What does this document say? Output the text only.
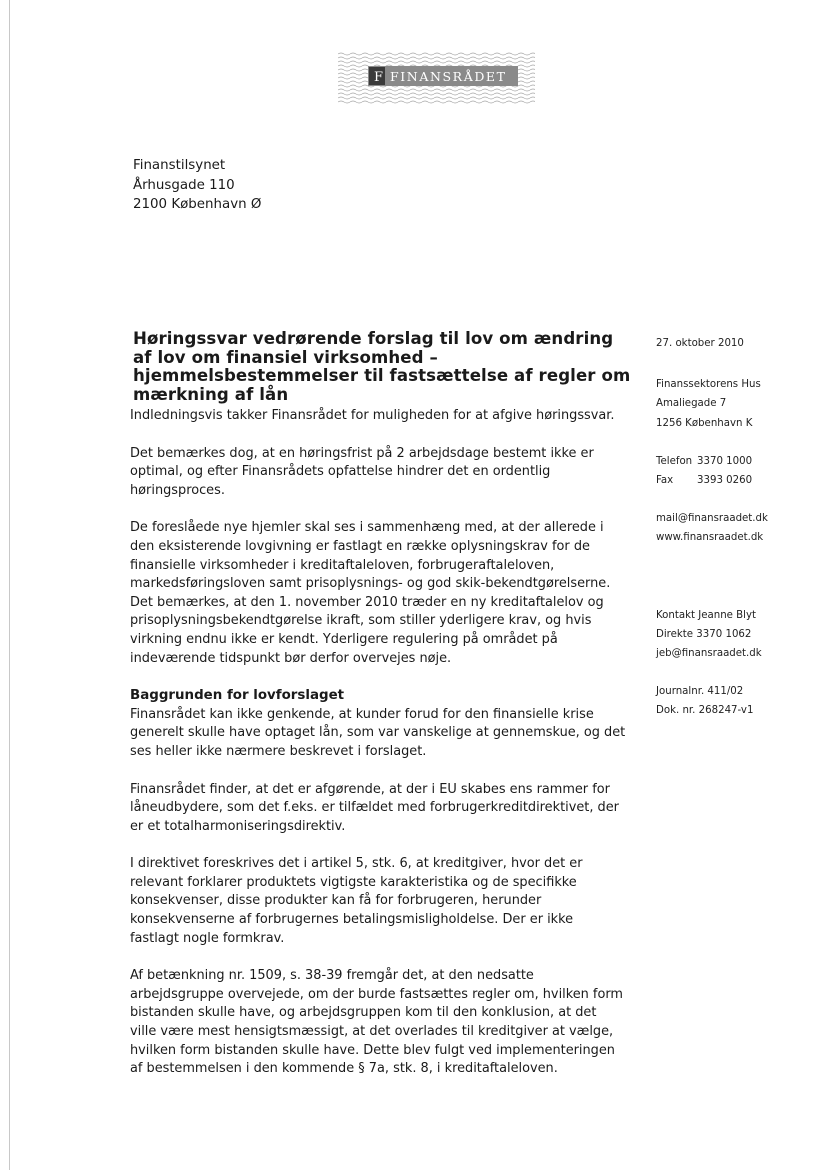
F FINANSRÅDET
Finanstilsynet
Århusgade 110
2100 København Ø
Høringssvar vedrørende forslag til lov om ændring af lov om finansiel virksomhed – hjemmelsbestemmelser til fastsættelse af regler om mærkning af lån

Indledningsvis takker Finansrådet for muligheden for at afgive høringssvar.

Det bemærkes dog, at en høringsfrist på 2 arbejdsdage bestemt ikke er optimal, og efter Finansrådets opfattelse hindrer det en ordentlig høringsproces.

De foreslåede nye hjemler skal ses i sammenhæng med, at der allerede i den eksisterende lovgivning er fastlagt en række oplysningskrav for de finansielle virksomheder i kreditaftaleloven, forbrugeraftaleloven, markedsføringsloven samt prisoplysnings- og god skik-bekendtgørelserne. Det bemærkes, at den 1. november 2010 træder en ny kreditaftalelov og prisoplysningsbekendtgørelse ikraft, som stiller yderligere krav, og hvis virkning endnu ikke er kendt. Yderligere regulering på området på indeværende tidspunkt bør derfor overvejes nøje.

Baggrunden for lovforslaget

Finansrådet kan ikke genkende, at kunder forud for den finansielle krise generelt skulle have optaget lån, som var vanskelige at gennemskue, og det ses heller ikke nærmere beskrevet i forslaget.

Finansrådet finder, at det er afgørende, at der i EU skabes ens rammer for låneudbydere, som det f.eks. er tilfældet med forbrugerkreditdirektivet, der er et totalharmoniseringsdirektiv.

I direktivet foreskrives det i artikel 5, stk. 6, at kreditgiver, hvor det er relevant forklarer produktets vigtigste karakteristika og de specifikke konsekvenser, disse produkter kan få for forbrugeren, herunder konsekvenserne af forbrugernes betalingsmisligholdelse. Der er ikke fastlagt nogle formkrav.

Af betænkning nr. 1509, s. 38-39 fremgår det, at den nedsatte arbejdsgruppe overvejede, om der burde fastsættes regler om, hvilken form bistanden skulle have, og arbejdsgruppen kom til den konklusion, at det ville være mest hensigtsmæssigt, at det overlades til kreditgiver at vælge, hvilken form bistanden skulle have. Dette blev fulgt ved implementeringen af bestemmelsen i den kommende § 7a, stk. 8, i kreditaftaleloven.

27. oktober 2010
Finanssektorens Hus
Amaliegade 7
1256 København K
Telefon 3370 1000
Fax	3393 0260
mail@finansraadet.dk
www.finansraadet.dk
Kontakt Jeanne Blyt
Direkte 3370 1062
jeb@finansraadet.dk
Journalnr. 411/02
Dok. nr. 268247-v1
